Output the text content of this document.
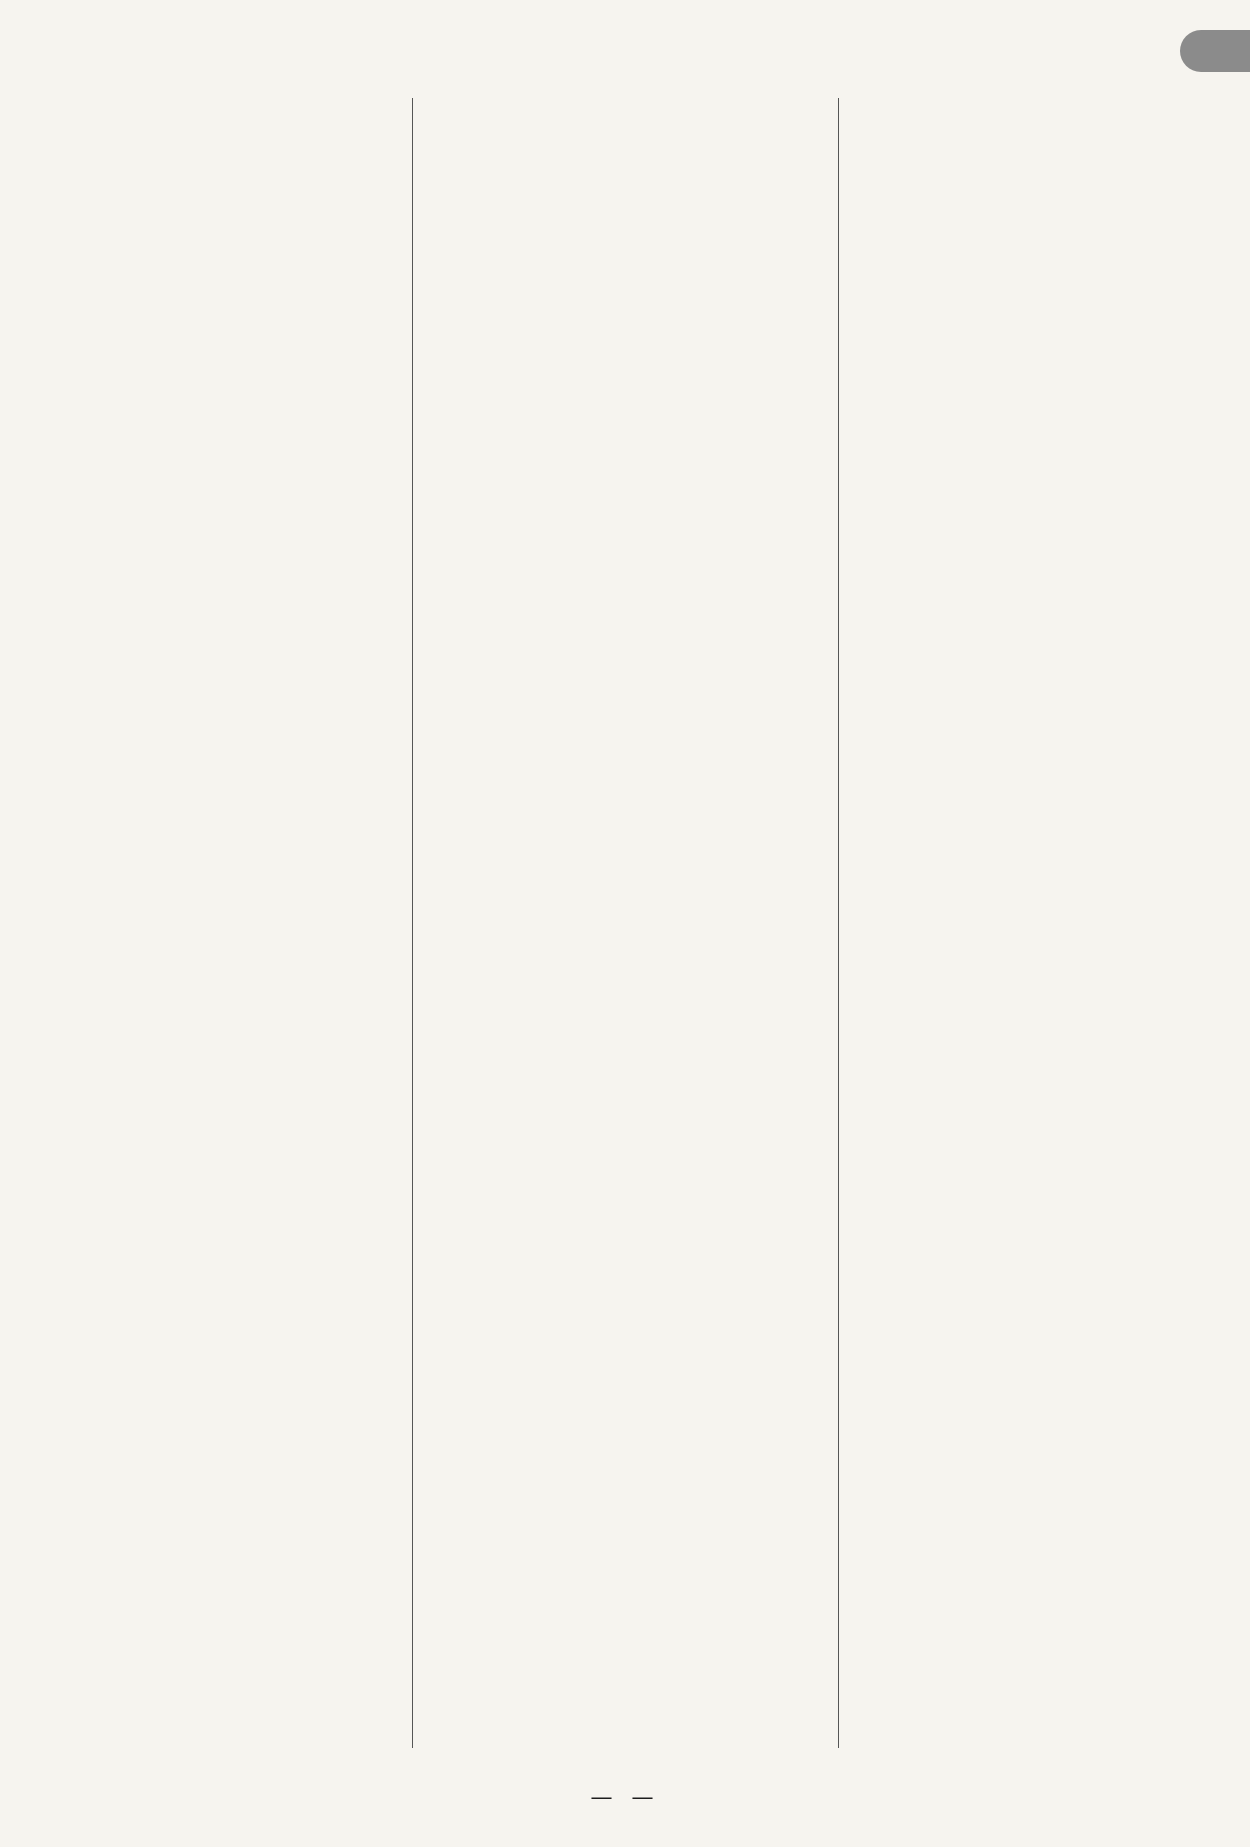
— —
